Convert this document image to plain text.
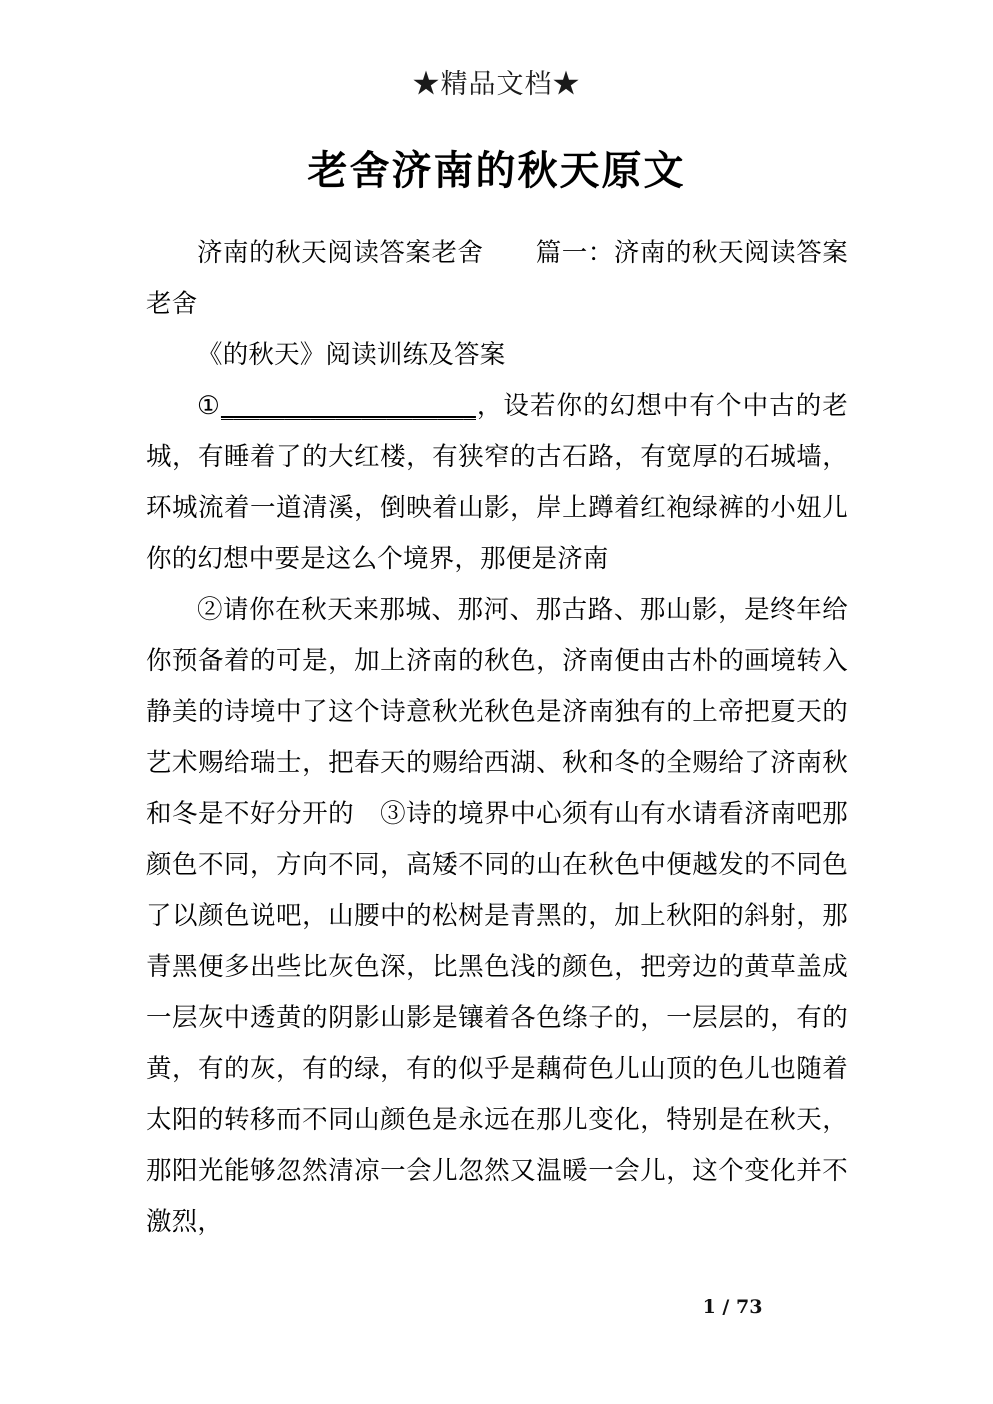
★精品文档★
老舍济南的秋天原文

济南的秋天阅读答案老舍　　篇一：济南的秋天阅读答案老舍

《的秋天》阅读训练及答案

①____________________，设若你的幻想中有个中古的老城，有睡着了的大红楼，有狭窄的古石路，有宽厚的石城墙，环城流着一道清溪，倒映着山影，岸上蹲着红袍绿裤的小妞儿你的幻想中要是这么个境界，那便是济南

②请你在秋天来那城、那河、那古路、那山影，是终年给你预备着的可是，加上济南的秋色，济南便由古朴的画境转入静美的诗境中了这个诗意秋光秋色是济南独有的上帝把夏天的艺术赐给瑞士，把春天的赐给西湖、秋和冬的全赐给了济南秋和冬是不好分开的　③诗的境界中心须有山有水请看济南吧那颜色不同，方向不同，高矮不同的山在秋色中便越发的不同色了以颜色说吧，山腰中的松树是青黑的，加上秋阳的斜射，那青黑便多出些比灰色深，比黑色浅的颜色，把旁边的黄草盖成一层灰中透黄的阴影山影是镶着各色绦子的，一层层的，有的黄，有的灰，有的绿，有的似乎是藕荷色儿山顶的色儿也随着太阳的转移而不同山颜色是永远在那儿变化，特别是在秋天，那阳光能够忽然清凉一会儿忽然又温暖一会儿，这个变化并不激烈，

1 / 73
